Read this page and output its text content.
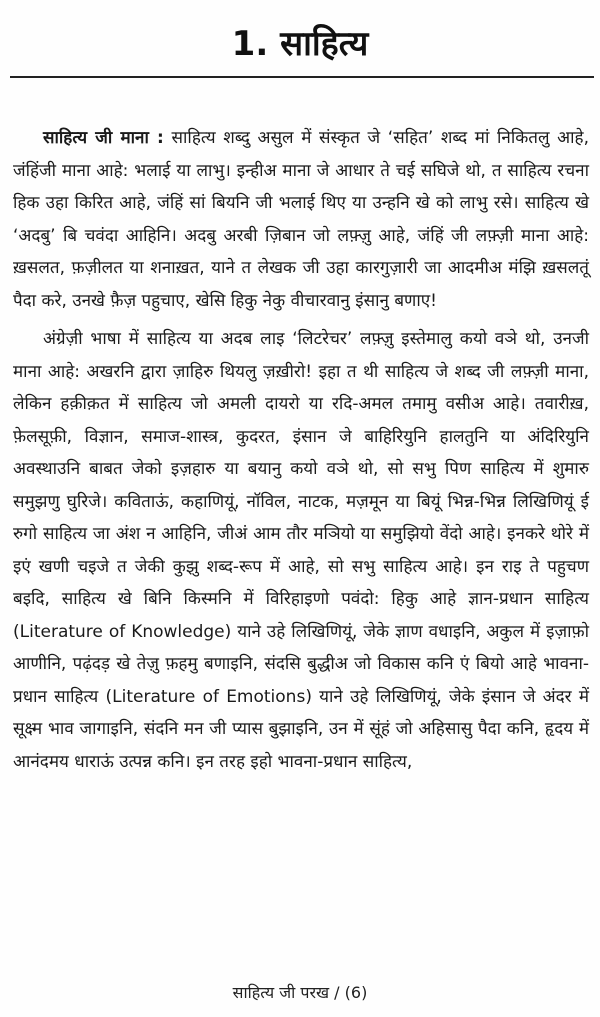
1. साहित्य

साहित्य जी माना : साहित्य शब्दु असुल में संस्कृत जे ‘सहित’ शब्द मां निकितलु आहे, जंहिंजी माना आहे: भलाई या लाभु। इन्हीअ माना जे आधार ते चई सघिजे थो, त साहित्य रचना हिक उहा किरित आहे, जंहिं सां बियनि जी भलाई थिए या उन्हनि खे को लाभु रसे। साहित्य खे ‘अदबु’ बि चवंदा आहिनि। अदबु अरबी ज़िबान जो लफ़्ज़ु आहे, जंहिं जी लफ़्ज़ी माना आहे: ख़सलत, फ़ज़ीलत या शनाख़त, याने त लेखक जी उहा कारगुज़ारी जा आदमीअ मंझि ख़सलतूं पैदा करे, उनखे फ़ैज़ पहुचाए, खेसि हिकु नेकु वीचारवानु इंसानु बणाए!

अंग्रेज़ी भाषा में साहित्य या अदब लाइ ‘लिटरेचर’ लफ़्ज़ु इस्तेमालु कयो वञे थो, उनजी माना आहे: अखरनि द्वारा ज़ाहिरु थियलु ज़ख़ीरो! इहा त थी साहित्य जे शब्द जी लफ़्ज़ी माना, लेकिन हक़ीक़त में साहित्य जो अमली दायरो या रदि-अमल तमामु वसीअ आहे। तवारीख़, फ़ेलसूफ़ी, विज्ञान, समाज-शास्त्र, कुदरत, इंसान जे बाहिरियुनि हालतुनि या अंदिरियुनि अवस्थाउनि बाबत जेको इज़हारु या बयानु कयो वञे थो, सो सभु पिण साहित्य में शुमारु समुझणु घुरिजे। कविताऊं, कहाणियूं, नॉविल, नाटक, मज़मून या बियूं भिन्न-भिन्न लिखिणियूं ई रुगो साहित्य जा अंश न आहिनि, जीअं आम तौर मञियो या समुझियो वेंदो आहे। इनकरे थोरे में इएं खणी चइजे त जेकी कुझु शब्द-रूप में आहे, सो सभु साहित्य आहे। इन राइ ते पहुचण बइदि, साहित्य खे बिनि किस्मनि में विरिहाइणो पवंदो: हिकु आहे ज्ञान-प्रधान साहित्य (Literature of Knowledge) याने उहे लिखिणियूं, जेके ज्ञाण वधाइनि, अकुल में इज़ाफ़ो आणीनि, पढ़ंदड़ खे तेज़ु फ़हमु बणाइनि, संदसि बुद्धीअ जो विकास कनि एं बियो आहे भावना-प्रधान साहित्य (Literature of Emotions) याने उहे लिखिणियूं, जेके इंसान जे अंदर में सूक्ष्म भाव जागाइनि, संदनि मन जी प्यास बुझाइनि, उन में सूंहं जो अहिसासु पैदा कनि, हृदय में आनंदमय धाराऊं उत्पन्न कनि। इन तरह इहो भावना-प्रधान साहित्य,

साहित्य जी परख / (6)
